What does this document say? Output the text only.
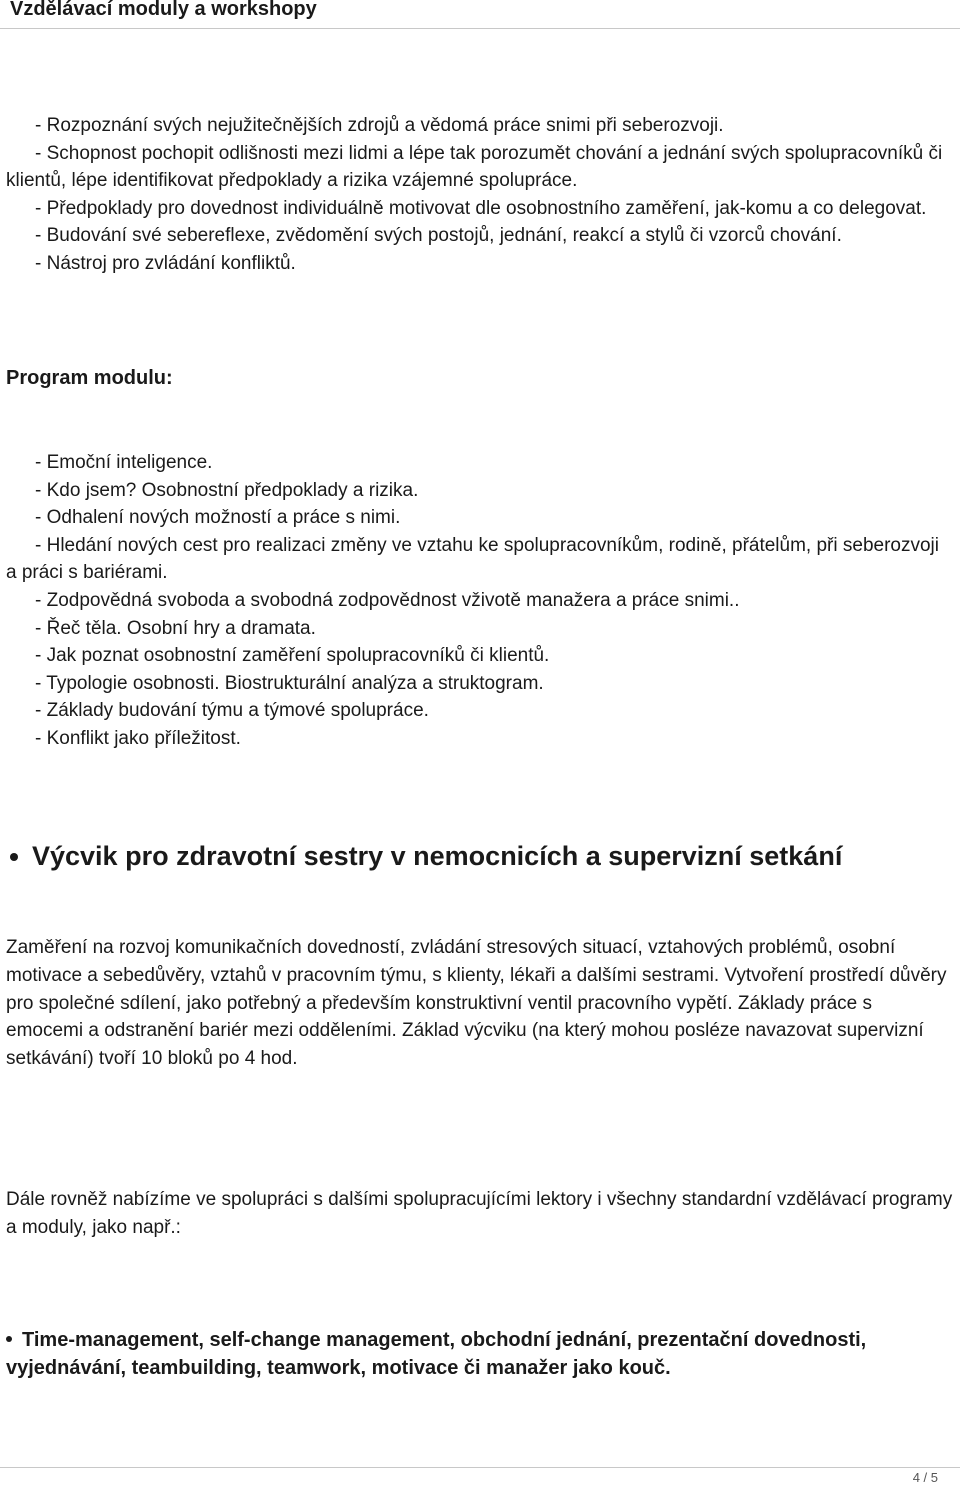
Vzdělávací moduly a workshopy

- Rozpoznání svých nejužitečnějších zdrojů a vědomá práce snimi při seberozvoji.

- Schopnost pochopit odlišnosti mezi lidmi a lépe tak porozumět chování a jednání svých spolupracovníků či klientů, lépe identifikovat předpoklady a rizika vzájemné spolupráce.

- Předpoklady pro dovednost individuálně motivovat dle osobnostního zaměření, jak-komu a co delegovat.

- Budování své sebereflexe, zvědomění svých postojů, jednání, reakcí a stylů či vzorců chování.

- Nástroj pro zvládání konfliktů.

Program modulu:

- Emoční inteligence.

- Kdo jsem? Osobnostní předpoklady a rizika.

- Odhalení nových možností a práce s nimi.

- Hledání nových cest pro realizaci změny ve vztahu ke spolupracovníkům, rodině, přátelům, při seberozvoji a práci s bariérami.

- Zodpovědná svoboda a svobodná zodpovědnost vživotě manažera a práce snimi..

- Řeč těla. Osobní hry a dramata.

- Jak poznat osobnostní zaměření spolupracovníků či klientů.

- Typologie osobnosti. Biostrukturální analýza a struktogram.

- Základy budování týmu a týmové spolupráce.

- Konflikt jako příležitost.

Výcvik pro zdravotní sestry v nemocnicích a supervizní setkání

Zaměření na rozvoj komunikačních dovedností, zvládání stresových situací, vztahových problémů, osobní motivace a sebedůvěry, vztahů v pracovním týmu, s klienty, lékaři a dalšími sestrami. Vytvoření prostředí důvěry pro společné sdílení, jako potřebný a především konstruktivní ventil pracovního vypětí. Základy práce s emocemi a odstranění bariér mezi odděleními. Základ výcviku (na který mohou posléze navazovat supervizní setkávání) tvoří 10 bloků po 4 hod.

Dále rovněž nabízíme ve spolupráci s dalšími spolupracujícími lektory i všechny standardní vzdělávací programy a moduly, jako např.:

Time-management, self-change management, obchodní jednání, prezentační dovednosti, vyjednávání, teambuilding, teamwork, motivace či manažer jako kouč.

4 / 5
